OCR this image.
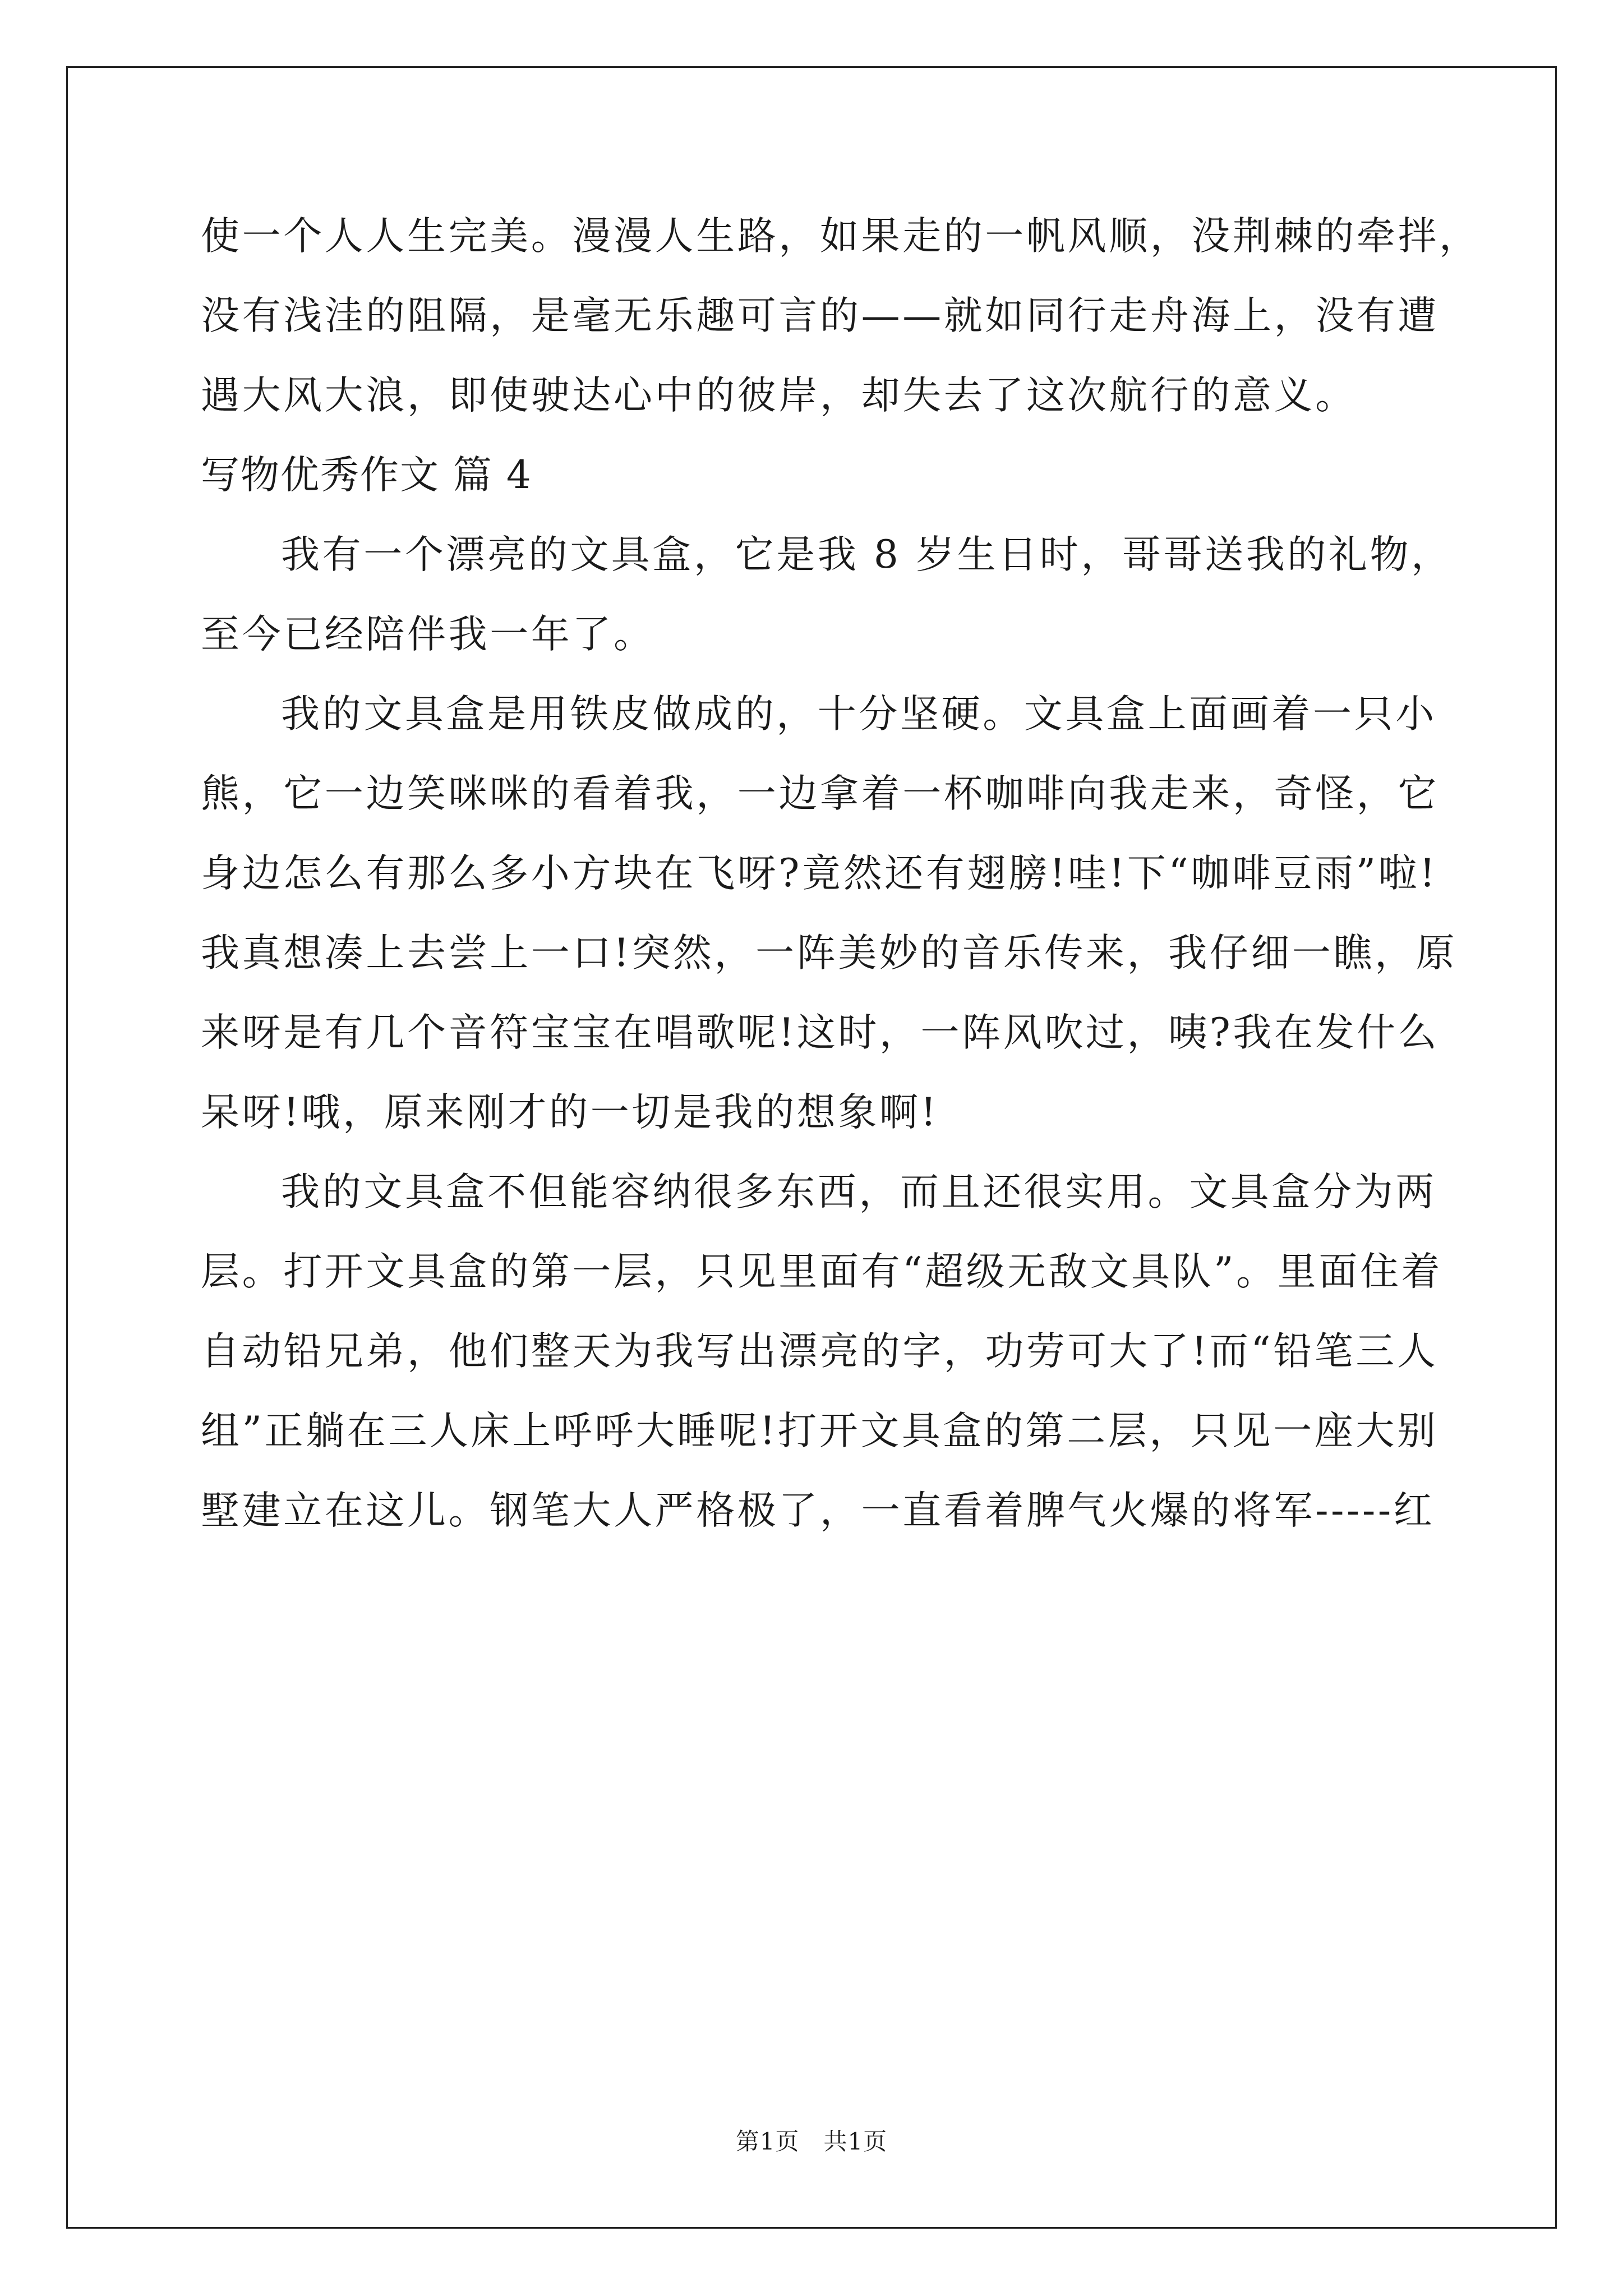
使一个人人生完美。漫漫人生路，如果走的一帆风顺，没荆棘的牵拌，
没有浅洼的阻隔，是毫无乐趣可言的——就如同行走舟海上，没有遭
遇大风大浪，即使驶达心中的彼岸，却失去了这次航行的意义。
写物优秀作文 篇 4
我有一个漂亮的文具盒，它是我 8 岁生日时，哥哥送我的礼物，
至今已经陪伴我一年了。
我的文具盒是用铁皮做成的，十分坚硬。文具盒上面画着一只小
熊，它一边笑咪咪的看着我，一边拿着一杯咖啡向我走来，奇怪，它
身边怎么有那么多小方块在飞呀?竟然还有翅膀!哇!下“咖啡豆雨”啦!
我真想凑上去尝上一口!突然，一阵美妙的音乐传来，我仔细一瞧，原
来呀是有几个音符宝宝在唱歌呢!这时，一阵风吹过，咦?我在发什么
呆呀!哦，原来刚才的一切是我的想象啊!
我的文具盒不但能容纳很多东西，而且还很实用。文具盒分为两
层。打开文具盒的第一层，只见里面有“超级无敌文具队”。里面住着
自动铅兄弟，他们整天为我写出漂亮的字，功劳可大了!而“铅笔三人
组”正躺在三人床上呼呼大睡呢!打开文具盒的第二层，只见一座大别
墅建立在这儿。钢笔大人严格极了，一直看着脾气火爆的将军-----红
第1页   共1页
